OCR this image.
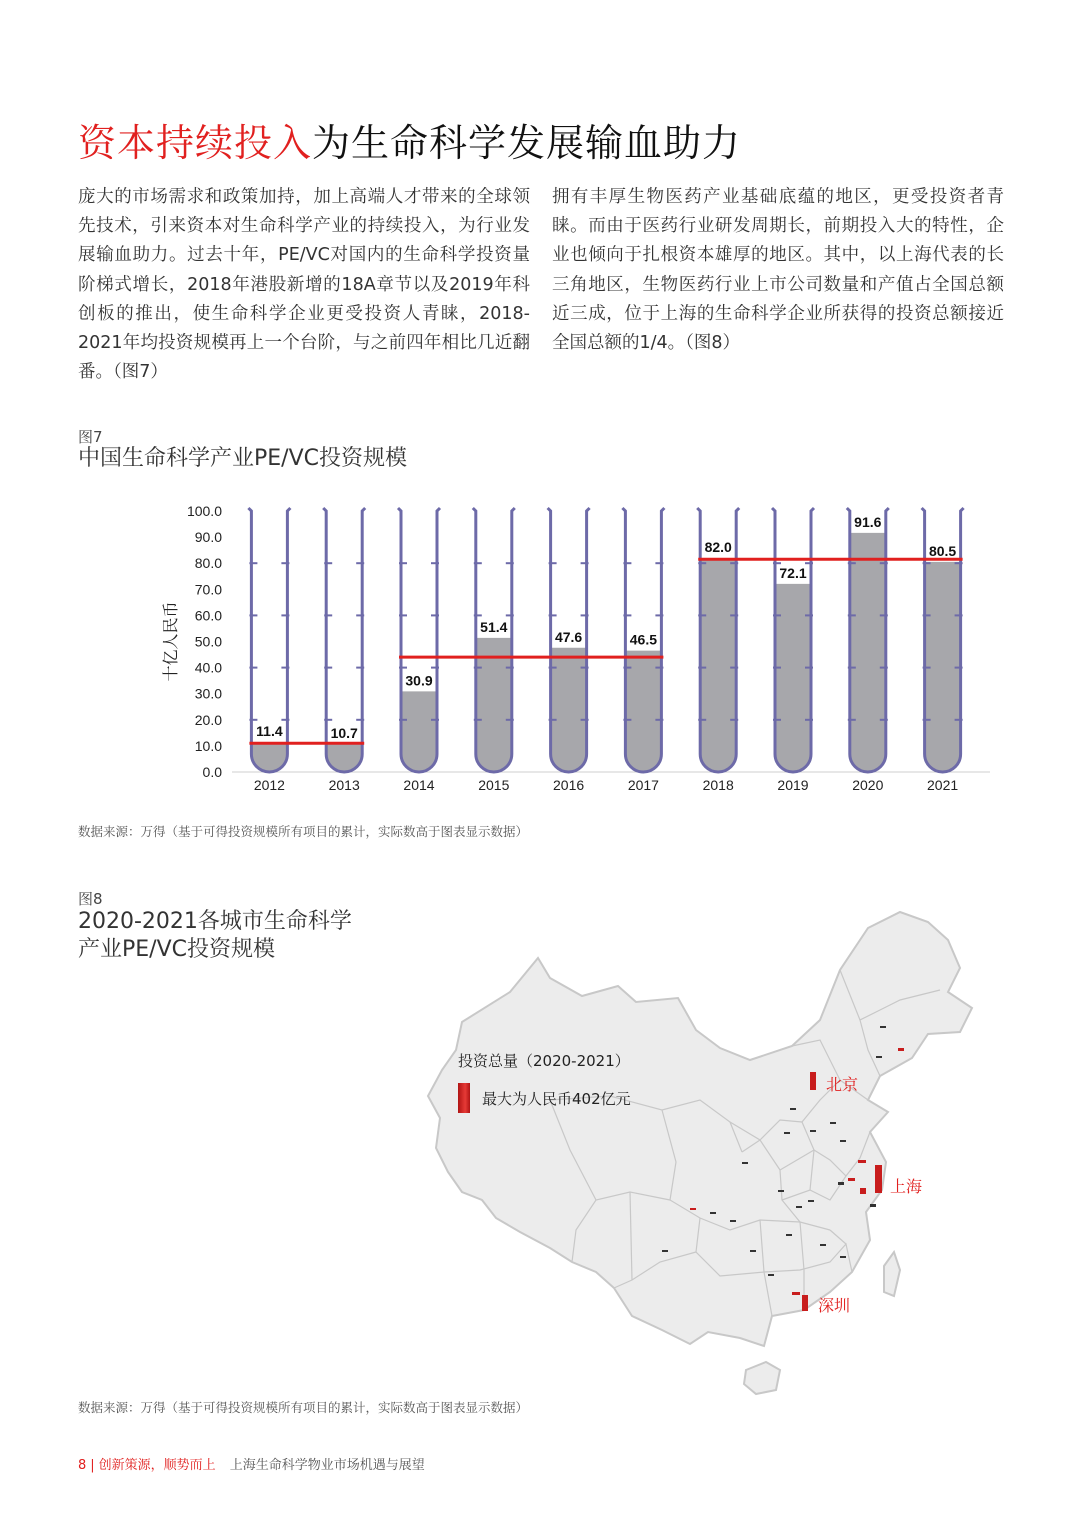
资本持续投入为生命科学发展输血助力

庞大的市场需求和政策加持，加上高端人才带来的全球领先技术，引来资本对生命科学产业的持续投入，为行业发展输血助力。过去十年，PE/VC对国内的生命科学投资量阶梯式增长，2018年港股新增的18A章节以及2019年科创板的推出，使生命科学企业更受投资人青睐，2018-2021年均投资规模再上一个台阶，与之前四年相比几近翻番。（图7）

拥有丰厚生物医药产业基础底蕴的地区，更受投资者青睐。而由于医药行业研发周期长，前期投入大的特性，企业也倾向于扎根资本雄厚的地区。其中，以上海代表的长三角地区，生物医药行业上市公司数量和产值占全国总额近三成，位于上海的生命科学企业所获得的投资总额接近全国总额的1/4。（图8）

图7
中国生命科学产业PE/VC投资规模
0.0
10.0
20.0
30.0
40.0
50.0
60.0
70.0
80.0
90.0
100.0
十亿人民币
11.4
2012
10.7
2013
30.9
2014
51.4
2015
47.6
2016
46.5
2017
82.0
2018
72.1
2019
91.6
2020
80.5
2021
数据来源：万得（基于可得投资规模所有项目的累计，实际数高于图表显示数据）
图8
2020-2021各城市生命科学
产业PE/VC投资规模
投资总量（2020-2021）
最大为人民币402亿元
北京
上海
深圳
数据来源：万得（基于可得投资规模所有项目的累计，实际数高于图表显示数据）
8 | 创新策源，顺势而上 上海生命科学物业市场机遇与展望
